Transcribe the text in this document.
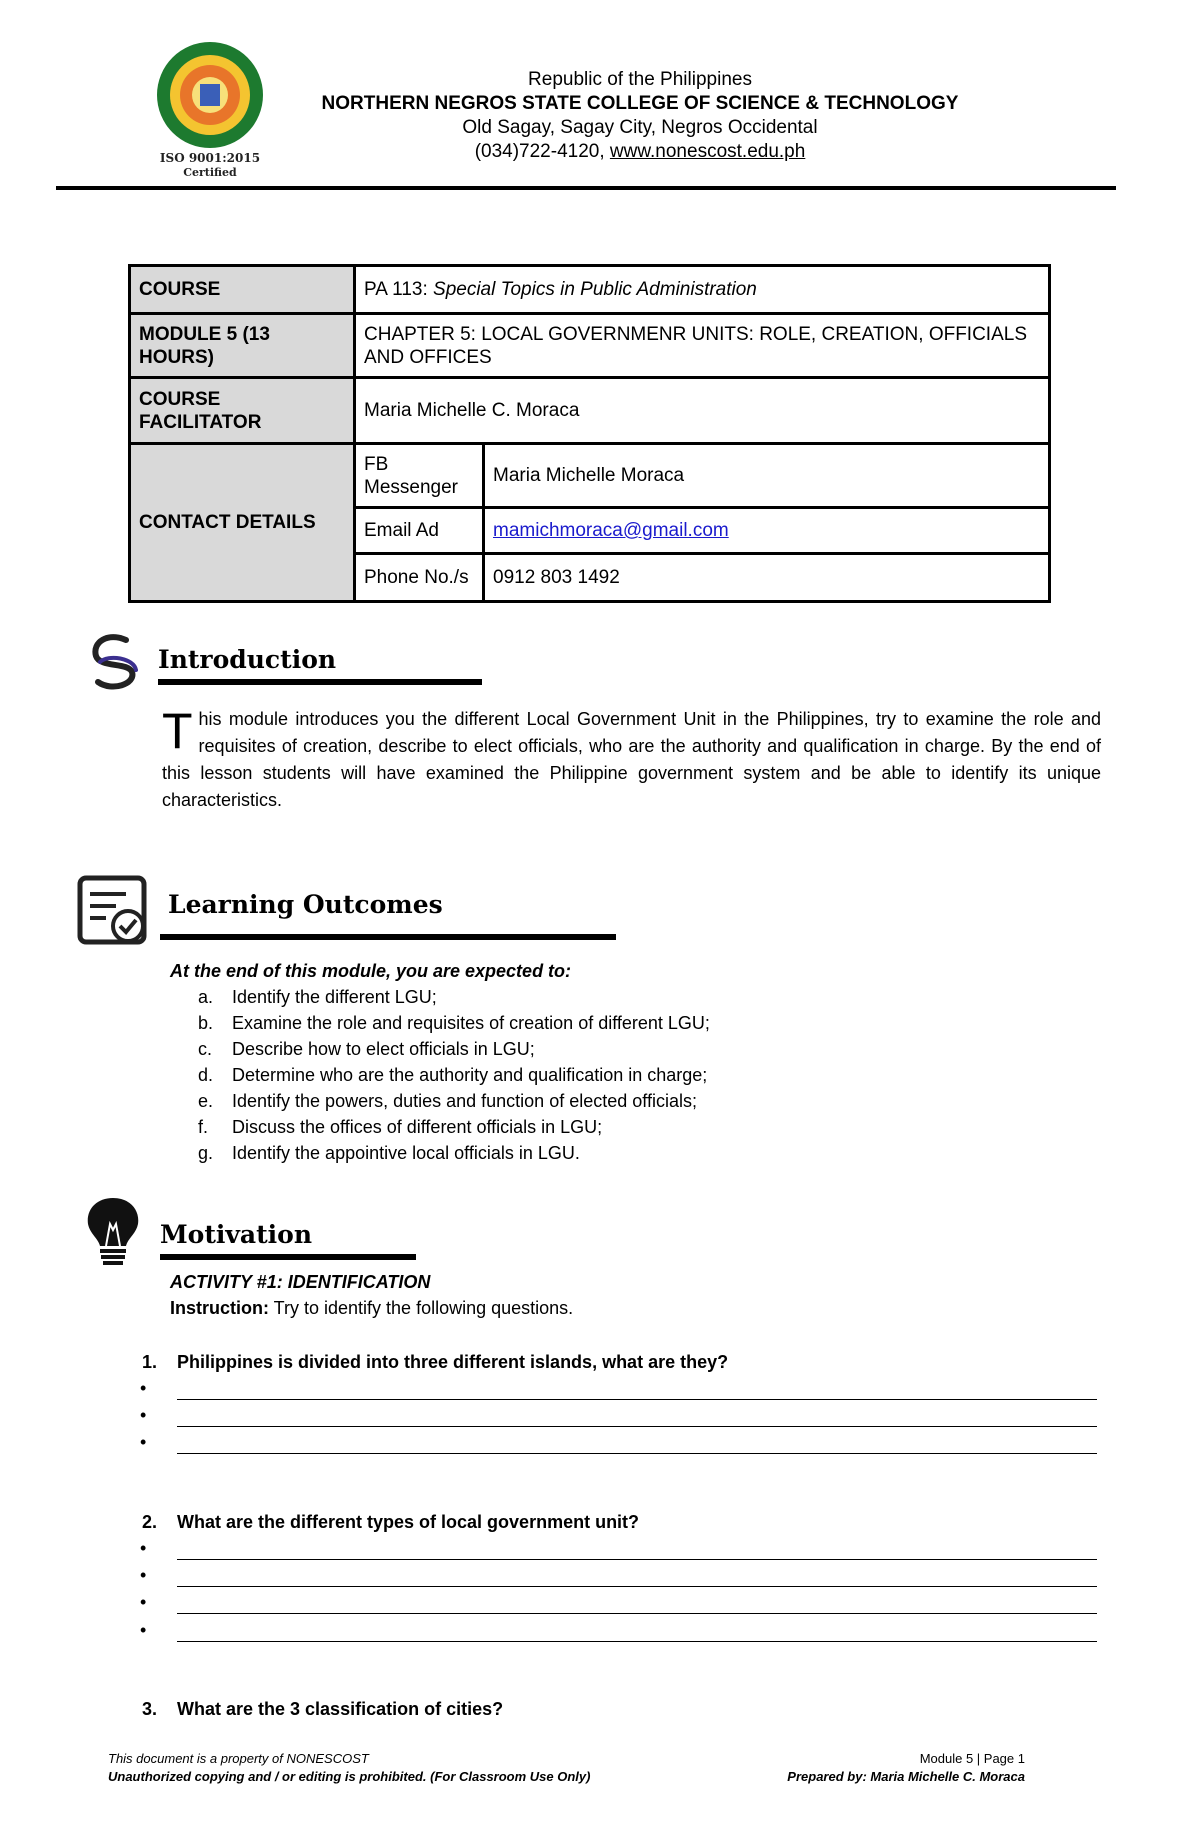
ISO 9001:2015
Certified
Republic of the Philippines
NORTHERN NEGROS STATE COLLEGE OF SCIENCE & TECHNOLOGY
Old Sagay, Sagay City, Negros Occidental
(034)722-4120, www.nonescost.edu.ph
COURSE	PA 113: Special Topics in Public Administration	
MODULE 5 (13 HOURS)	CHAPTER 5: LOCAL GOVERNMENR UNITS: ROLE, CREATION, OFFICIALS AND OFFICES	
COURSE FACILITATOR	Maria Michelle C. Moraca	
CONTACT DETAILS	FB Messenger	Maria Michelle Moraca
	Email Ad	mamichmoraca@gmail.com
	Phone No./s	0912 803 1492
Introduction
This module introduces you the different Local Government Unit in the Philippines, try to examine the role and requisites of creation, describe to elect officials, who are the authority and qualification in charge. By the end of this lesson students will have examined the Philippine government system and be able to identify its unique characteristics.
Learning Outcomes
At the end of this module, you are expected to:
a. Identify the different LGU;
b. Examine the role and requisites of creation of different LGU;
c. Describe how to elect officials in LGU;
d. Determine who are the authority and qualification in charge;
e. Identify the powers, duties and function of elected officials;
f. Discuss the offices of different officials in LGU;
g. Identify the appointive local officials in LGU.
Motivation
ACTIVITY #1: IDENTIFICATION
Instruction: Try to identify the following questions.
1. Philippines is divided into three different islands, what are they?
•
•
•
2. What are the different types of local government unit?
•
•
•
•
3. What are the 3 classification of cities?
This document is a property of NONESCOST
Unauthorized copying and / or editing is prohibited. (For Classroom Use Only)
Module 5 | Page 1
Prepared by: Maria Michelle C. Moraca
